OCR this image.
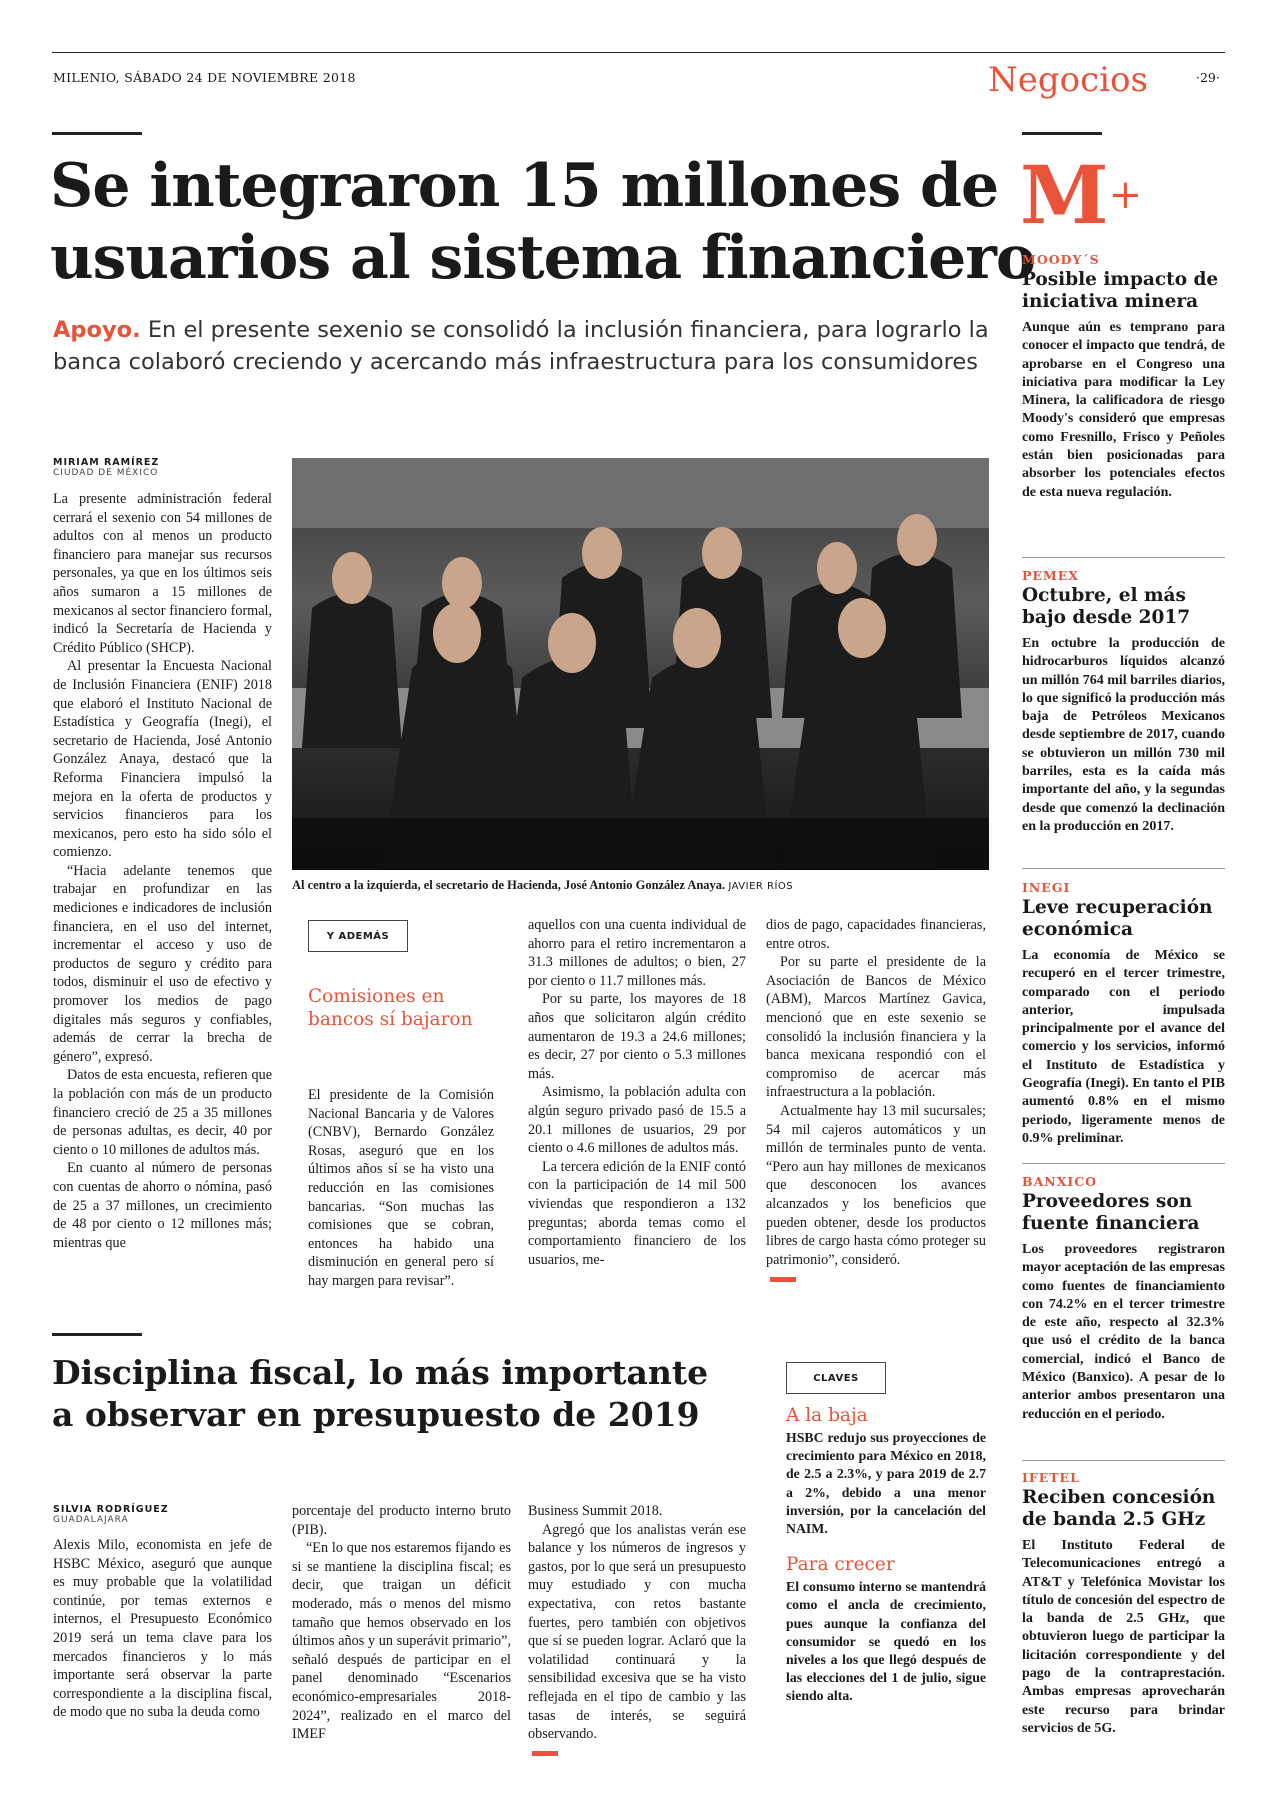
MILENIO, SÁBADO 24 DE NOVIEMBRE 2018	Negocios	·29·
Se integraron 15 millones de
usuarios al sistema financiero
Apoyo. En el presente sexenio se consolidó la inclusión financiera, para lograrlo la
banca colaboró creciendo y acercando más infraestructura para los consumidores
MIRIAM RAMÍREZ
CIUDAD DE MÉXICO

La presente administración federal cerrará el sexenio con 54 millones de adultos con al menos un producto financiero para manejar sus recursos personales, ya que en los últimos seis años sumaron a 15 millones de mexicanos al sector financiero formal, indicó la Secretaría de Hacienda y Crédito Público (SHCP).

Al presentar la Encuesta Nacional de Inclusión Financiera (ENIF) 2018 que elaboró el Instituto Nacional de Estadística y Geografía (Inegi), el secretario de Hacienda, José Antonio González Anaya, destacó que la Reforma Financiera impulsó la mejora en la oferta de productos y servicios financieros para los mexicanos, pero esto ha sido sólo el comienzo.

“Hacia adelante tenemos que trabajar en profundizar en las mediciones e indicadores de inclusión financiera, en el uso del internet, incrementar el acceso y uso de productos de seguro y crédito para todos, disminuir el uso de efectivo y promover los medios de pago digitales más seguros y confiables, además de cerrar la brecha de género”, expresó.

Datos de esta encuesta, refieren que la población con más de un producto financiero creció de 25 a 35 millones de personas adultas, es decir, 40 por ciento o 10 millones de adultos más.

En cuanto al número de personas con cuentas de ahorro o nómina, pasó de 25 a 37 millones, un crecimiento de 48 por ciento o 12 millones más; mientras que

Al centro a la izquierda, el secretario de Hacienda, José Antonio González Anaya. JAVIER RÍOS
Y ADEMÁS
Comisiones en bancos sí bajaron

El presidente de la Comisión Nacional Bancaria y de Valores (CNBV), Bernardo González Rosas, aseguró que en los últimos años sí se ha visto una reducción en las comisiones bancarias. “Son muchas las comisiones que se cobran, entonces ha habido una disminución en general pero sí hay margen para revisar”.

aquellos con una cuenta individual de ahorro para el retiro incrementaron a 31.3 millones de adultos; o bien, 27 por ciento o 11.7 millones más.

Por su parte, los mayores de 18 años que solicitaron algún crédito aumentaron de 19.3 a 24.6 millones; es decir, 27 por ciento o 5.3 millones más.

Asimismo, la población adulta con algún seguro privado pasó de 15.5 a 20.1 millones de usuarios, 29 por ciento o 4.6 millones de adultos más.

La tercera edición de la ENIF contó con la participación de 14 mil 500 viviendas que respondieron a 132 preguntas; aborda temas como el comportamiento financiero de los usuarios, me-

dios de pago, capacidades financieras, entre otros.

Por su parte el presidente de la Asociación de Bancos de México (ABM), Marcos Martínez Gavica, mencionó que en este sexenio se consolidó la inclusión financiera y la banca mexicana respondió con el compromiso de acercar más infraestructura a la población.

Actualmente hay 13 mil sucursales; 54 mil cajeros automáticos y un millón de terminales punto de venta. “Pero aun hay millones de mexicanos que desconocen los avances alcanzados y los beneficios que pueden obtener, desde los productos libres de cargo hasta cómo proteger su patrimonio”, consideró.

Disciplina fiscal, lo más importante
a observar en presupuesto de 2019
SILVIA RODRÍGUEZ
GUADALAJARA

Alexis Milo, economista en jefe de HSBC México, aseguró que aunque es muy probable que la volatilidad continúe, por temas externos e internos, el Presupuesto Económico 2019 será un tema clave para los mercados financieros y lo más importante será observar la parte correspondiente a la disciplina fiscal, de modo que no suba la deuda como

porcentaje del producto interno bruto (PIB).

“En lo que nos estaremos fijando es si se mantiene la disciplina fiscal; es decir, que traigan un déficit moderado, más o menos del mismo tamaño que hemos observado en los últimos años y un superávit primario”, señaló después de participar en el panel denominado “Escenarios económico-empresariales 2018-2024”, realizado en el marco del IMEF

Business Summit 2018.

Agregó que los analistas verán ese balance y los números de ingresos y gastos, por lo que será un presupuesto muy estudiado y con mucha expectativa, con retos bastante fuertes, pero también con objetivos que sí se pueden lograr. Aclaró que la volatilidad continuará y la sensibilidad excesiva que se ha visto reflejada en el tipo de cambio y las tasas de interés, se seguirá observando.

CLAVES
A la baja
HSBC redujo sus proyecciones de crecimiento para México en 2018, de 2.5 a 2.3%, y para 2019 de 2.7 a 2%, debido a una menor inversión, por la cancelación del NAIM.
Para crecer
El consumo interno se mantendrá como el ancla de crecimiento, pues aunque la confianza del consumidor se quedó en los niveles a los que llegó después de las elecciones del 1 de julio, sigue siendo alta.
M+
MOODY´S
Posible impacto de iniciativa minera
Aunque aún es temprano para conocer el impacto que tendrá, de aprobarse en el Congreso una iniciativa para modificar la Ley Minera, la calificadora de riesgo Moody's consideró que empresas como Fresnillo, Frisco y Peñoles están bien posicionadas para absorber los potenciales efectos de esta nueva regulación.
PEMEX
Octubre, el más bajo desde 2017
En octubre la producción de hidrocarburos líquidos alcanzó un millón 764 mil barriles diarios, lo que significó la producción más baja de Petróleos Mexicanos desde septiembre de 2017, cuando se obtuvieron un millón 730 mil barriles, esta es la caída más importante del año, y la segundas desde que comenzó la declinación en la producción en 2017.
INEGI
Leve recuperación económica
La economía de México se recuperó en el tercer trimestre, comparado con el periodo anterior, impulsada principalmente por el avance del comercio y los servicios, informó el Instituto de Estadística y Geografía (Inegi). En tanto el PIB aumentó 0.8% en el mismo periodo, ligeramente menos de 0.9% preliminar.
BANXICO
Proveedores son fuente financiera
Los proveedores registraron mayor aceptación de las empresas como fuentes de financiamiento con 74.2% en el tercer trimestre de este año, respecto al 32.3% que usó el crédito de la banca comercial, indicó el Banco de México (Banxico). A pesar de lo anterior ambos presentaron una reducción en el periodo.
IFETEL
Reciben concesión de banda 2.5 GHz
El Instituto Federal de Telecomunicaciones entregó a AT&T y Telefónica Movistar los título de concesión del espectro de la banda de 2.5 GHz, que obtuvieron luego de participar la licitación correspondiente y del pago de la contraprestación. Ambas empresas aprovecharán este recurso para brindar servicios de 5G.
